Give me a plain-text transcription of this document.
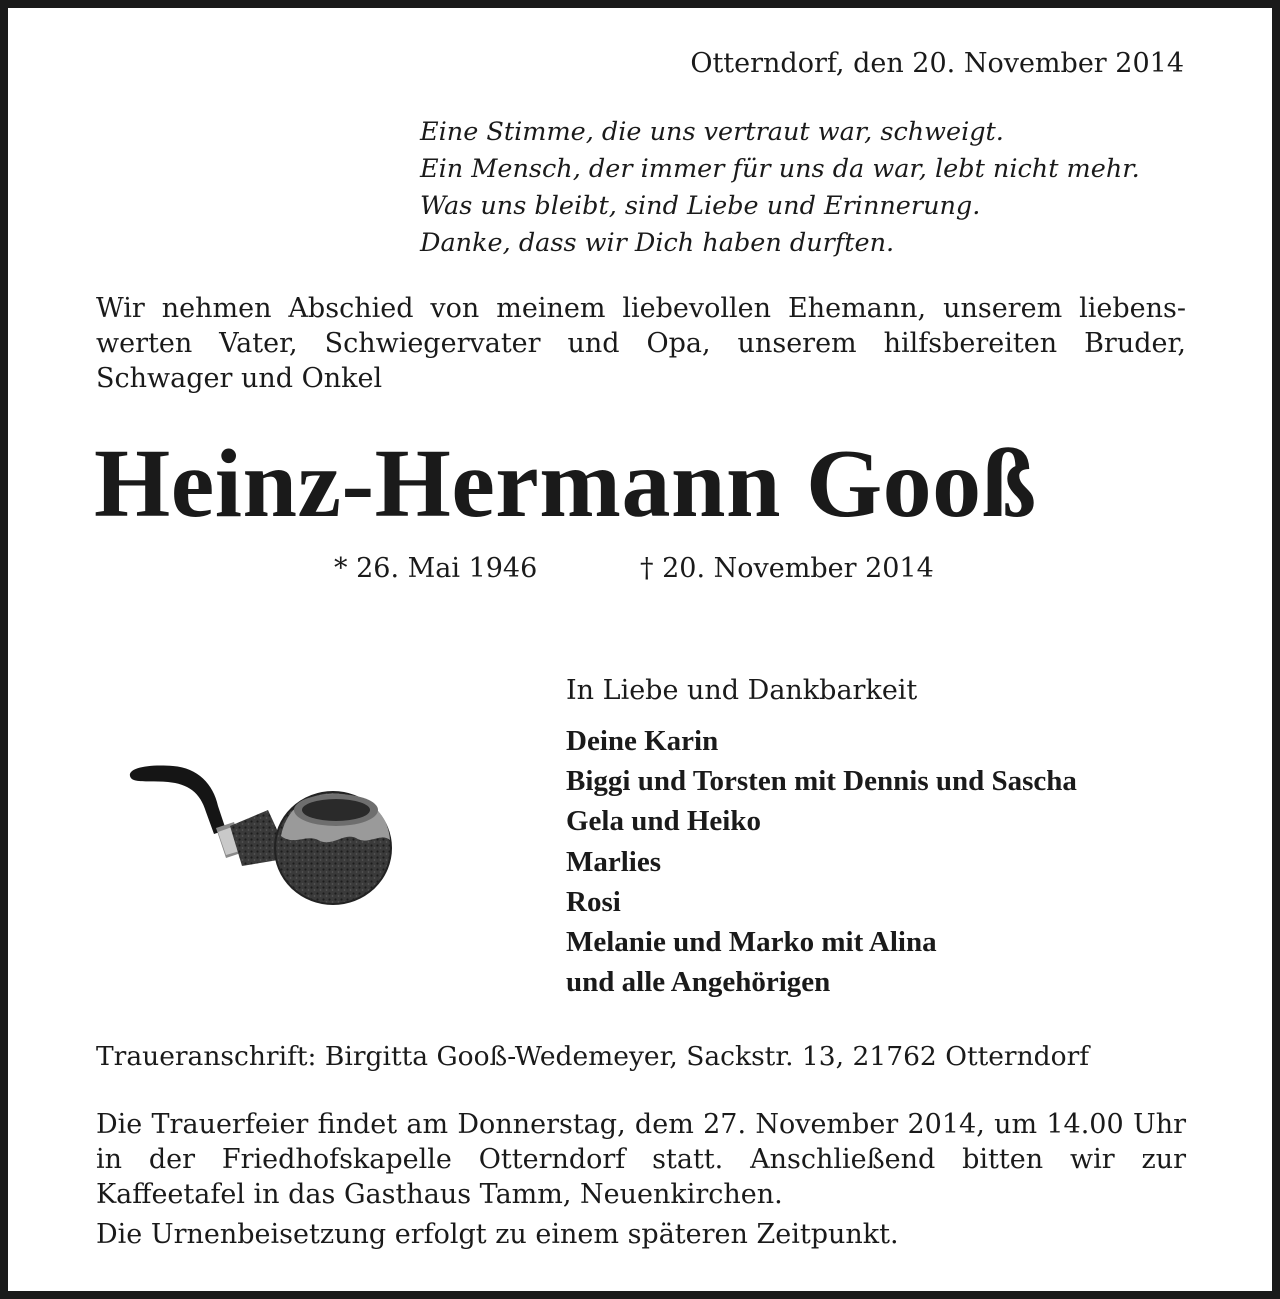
Otterndorf, den 20. November 2014
Eine Stimme, die uns vertraut war, schweigt.
Ein Mensch, der immer für uns da war, lebt nicht mehr.
Was uns bleibt, sind Liebe und Erinnerung.
Danke, dass wir Dich haben durften.
Wir nehmen Abschied von meinem liebevollen Ehemann, unserem liebens- werten Vater, Schwiegervater und Opa, unserem hilfsbereiten Bruder, Schwager und Onkel
Heinz-Hermann Gooß
* 26. Mai 1946	† 20. November 2014
In Liebe und Dankbarkeit
Deine Karin
Biggi und Torsten mit Dennis und Sascha
Gela und Heiko
Marlies
Rosi
Melanie und Marko mit Alina
und alle Angehörigen
Traueranschrift: Birgitta Gooß-Wedemeyer, Sackstr. 13, 21762 Otterndorf
Die Trauerfeier findet am Donnerstag, dem 27. November 2014, um 14.00 Uhr in der Friedhofskapelle Otterndorf statt. Anschließend bitten wir zur Kaffeetafel in das Gasthaus Tamm, Neuenkirchen.
Die Urnenbeisetzung erfolgt zu einem späteren Zeitpunkt.
